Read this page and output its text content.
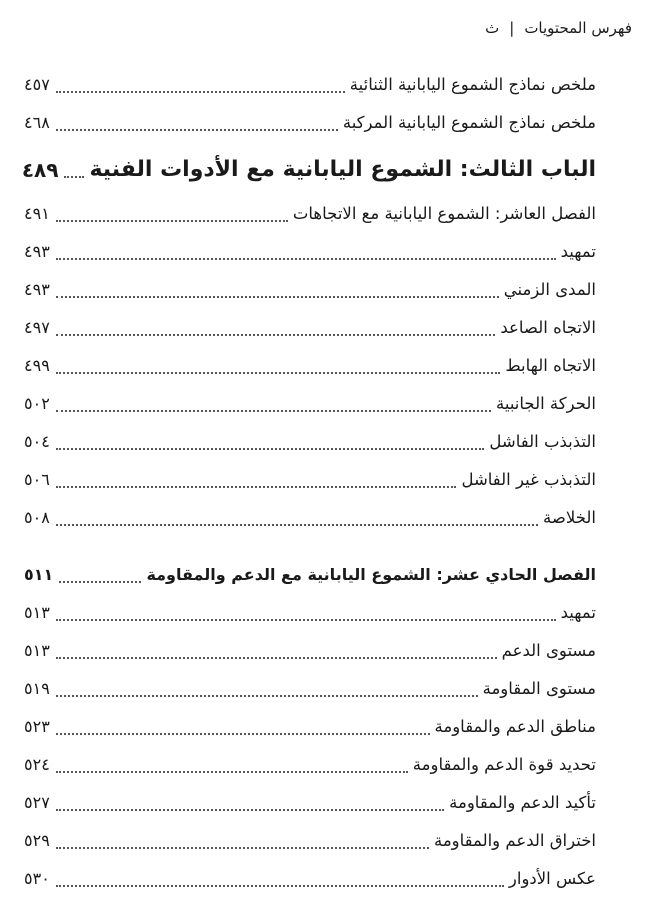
فهرس المحتويات|ث
ملخص نماذج الشموع اليابانية الثنائية
٤٥٧
ملخص نماذج الشموع اليابانية المركبة
٤٦٨
الباب الثالث: الشموع اليابانية مع الأدوات الفنية
٤٨٩
الفصل العاشر: الشموع اليابانية مع الاتجاهات
٤٩١
تمهيد
٤٩٣
المدى الزمني
٤٩٣
الاتجاه الصاعد
٤٩٧
الاتجاه الهابط
٤٩٩
الحركة الجانبية
٥٠٢
التذبذب الفاشل
٥٠٤
التذبذب غير الفاشل
٥٠٦
الخلاصة
٥٠٨
الفصل الحادي عشر: الشموع اليابانية مع الدعم والمقاومة
٥١١
تمهيد
٥١٣
مستوى الدعم
٥١٣
مستوى المقاومة
٥١٩
مناطق الدعم والمقاومة
٥٢٣
تحديد قوة الدعم والمقاومة
٥٢٤
تأكيد الدعم والمقاومة
٥٢٧
اختراق الدعم والمقاومة
٥٢٩
عكس الأدوار
٥٣٠
